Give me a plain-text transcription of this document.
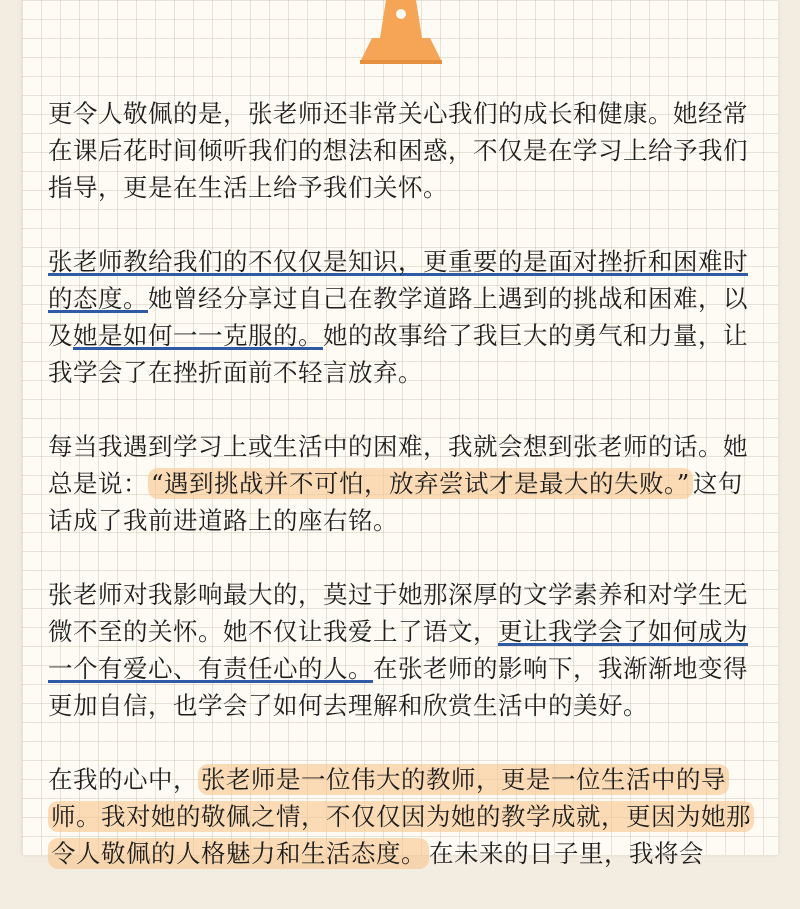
更令人敬佩的是，张老师还非常关心我们的成长和健康。她经常在课后花时间倾听我们的想法和困惑，不仅是在学习上给予我们指导，更是在生活上给予我们关怀。

张老师教给我们的不仅仅是知识，更重要的是面对挫折和困难时的态度。她曾经分享过自己在教学道路上遇到的挑战和困难，以及她是如何一一克服的。她的故事给了我巨大的勇气和力量，让我学会了在挫折面前不轻言放弃。

每当我遇到学习上或生活中的困难，我就会想到张老师的话。她总是说： “遇到挑战并不可怕，放弃尝试才是最大的失败。” 这句话成了我前进道路上的座右铭。

张老师对我影响最大的，莫过于她那深厚的文学素养和对学生无微不至的关怀。她不仅让我爱上了语文，更让我学会了如何成为一个有爱心、有责任心的人。在张老师的影响下，我渐渐地变得更加自信，也学会了如何去理解和欣赏生活中的美好。

在我的心中， 张老师是一位伟大的教师，更是一位生活中的导师。我对她的敬佩之情，不仅仅因为她的教学成就，更因为她那令人敬佩的人格魅力和生活态度。 在未来的日子里，我将会
